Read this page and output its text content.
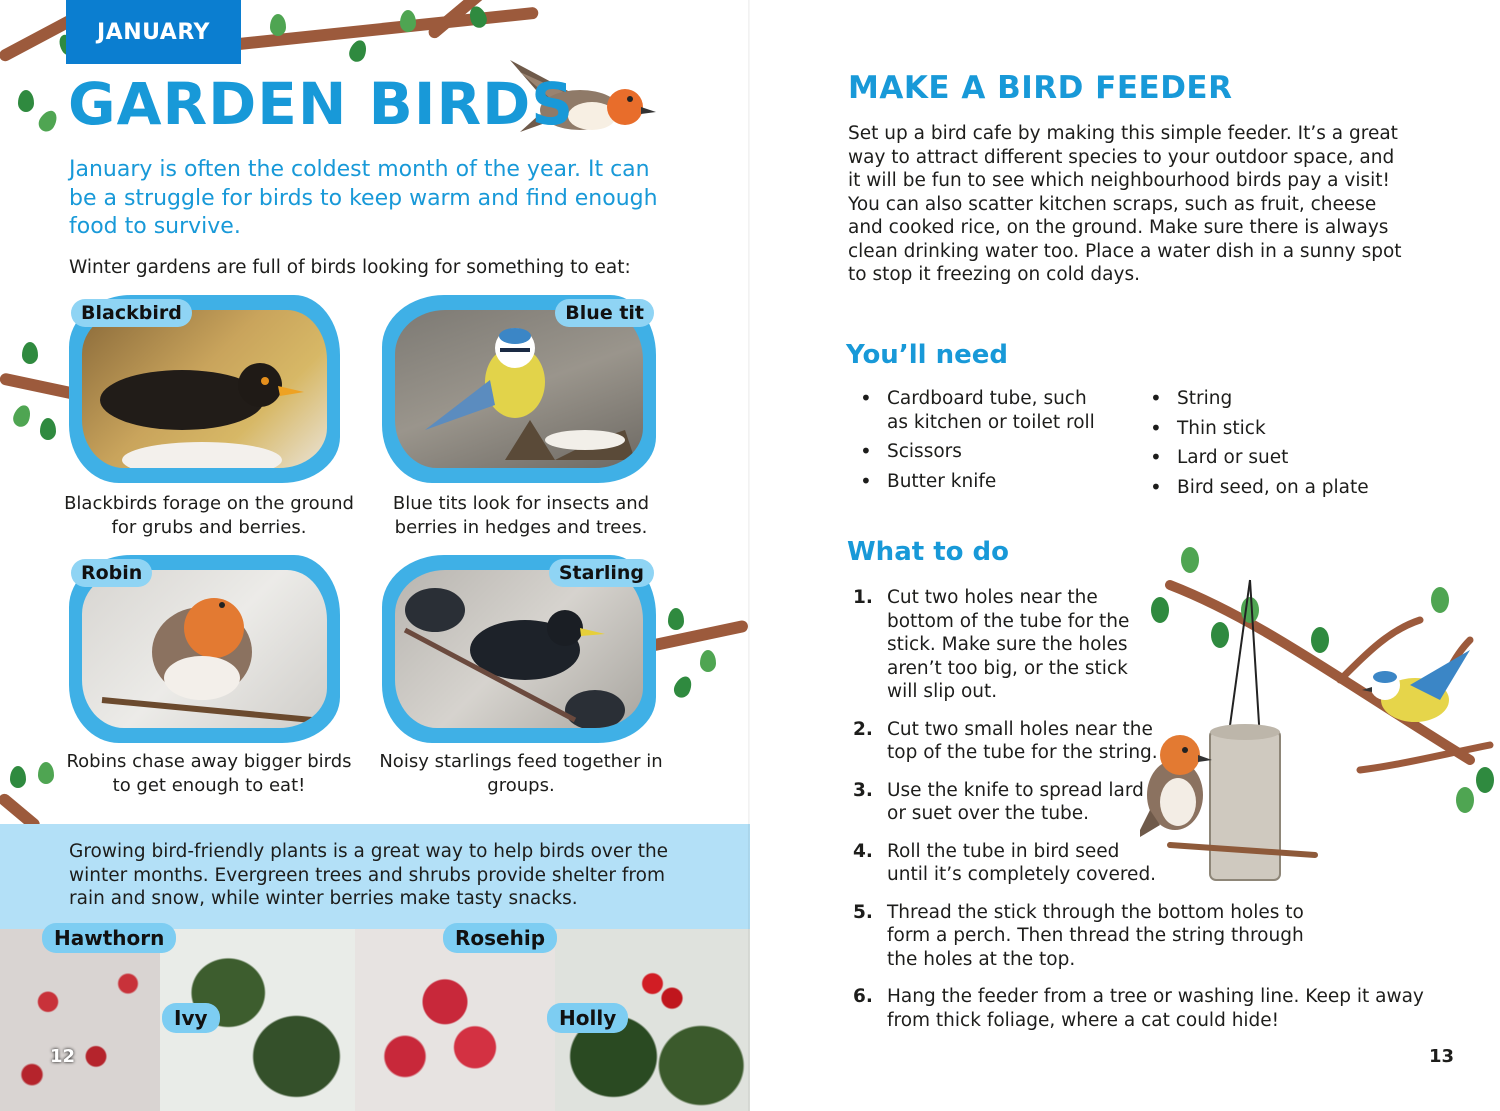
JANUARY
GARDEN BIRDS
January is often the coldest month of the year. It can be a struggle for birds to keep warm and find enough food to survive.
Winter gardens are full of birds looking for something to eat:
Blackbird
Blackbirds forage on the ground for grubs and berries.
Blue tit
Blue tits look for insects and berries in hedges and trees.
Robin
Robins chase away bigger birds to get enough to eat!
Starling
Noisy starlings feed together in groups.
Growing bird-friendly plants is a great way to help birds over the winter months. Evergreen trees and shrubs provide shelter from rain and snow, while winter berries make tasty snacks.
Hawthorn
Ivy
Rosehip
Holly
12
MAKE A BIRD FEEDER
Set up a bird cafe by making this simple feeder. It’s a great way to attract different species to your outdoor space, and it will be fun to see which neighbourhood birds pay a visit! You can also scatter kitchen scraps, such as fruit, cheese and cooked rice, on the ground. Make sure there is always clean drinking water too. Place a water dish in a sunny spot to stop it freezing on cold days.
You’ll need
• Cardboard tube, such as kitchen or toilet roll
• Scissors
• Butter knife
• String
• Thin stick
• Lard or suet
• Bird seed, on a plate
What to do
1. Cut two holes near the bottom of the tube for the stick. Make sure the holes aren’t too big, or the stick will slip out.
2. Cut two small holes near the top of the tube for the string.
3. Use the knife to spread lard or suet over the tube.
4. Roll the tube in bird seed until it’s completely covered.
5. Thread the stick through the bottom holes to form a perch. Then thread the string through the holes at the top.
6. Hang the feeder from a tree or washing line. Keep it away from thick foliage, where a cat could hide!
13
